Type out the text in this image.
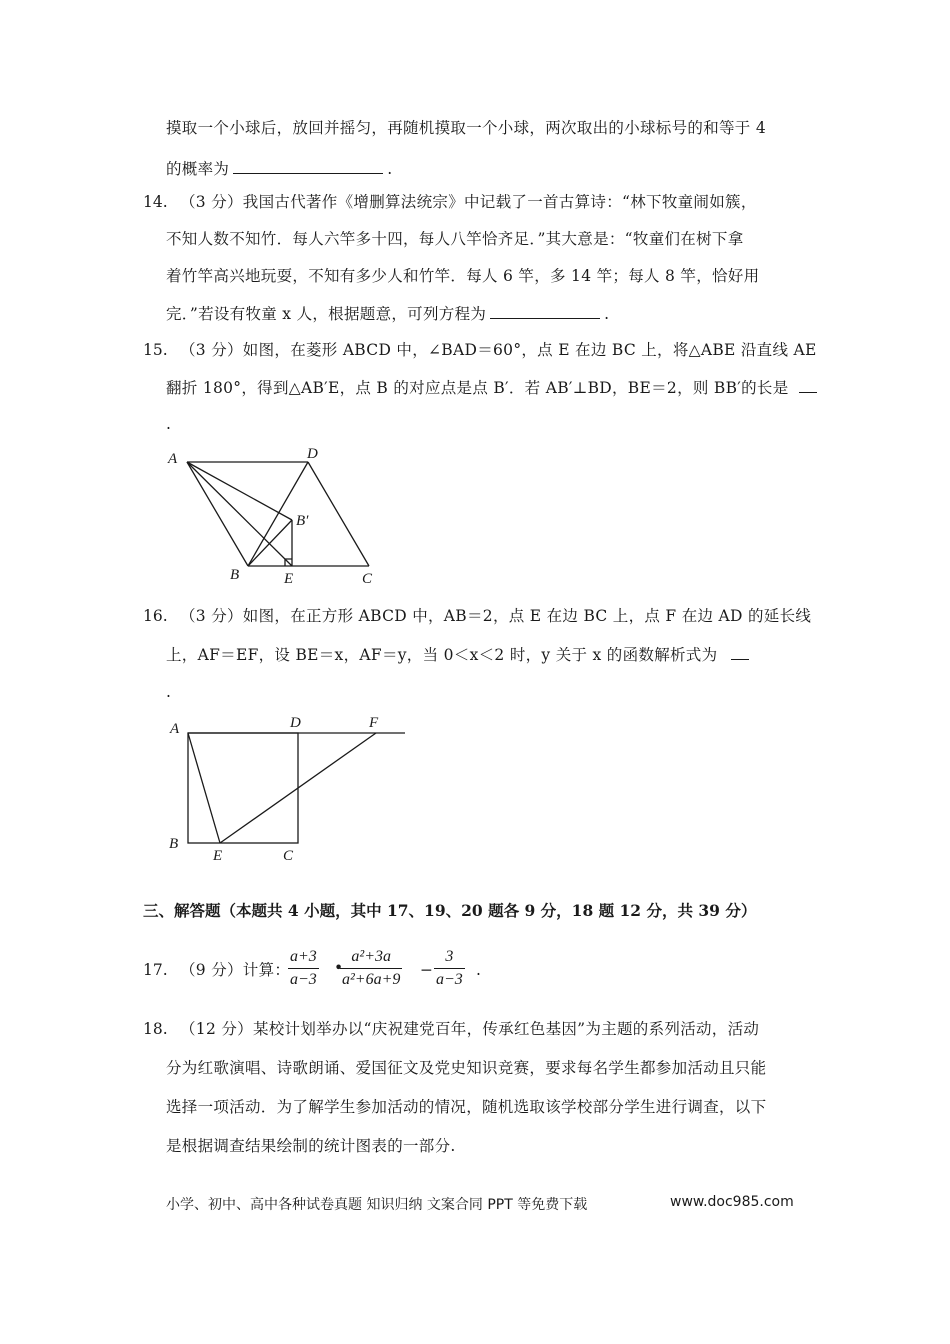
摸取一个小球后，放回并摇匀，再随机摸取一个小球，两次取出的小球标号的和等于 4
的概率为	.
14. （3 分）我国古代著作《增删算法统宗》中记载了一首古算诗：“林下牧童闹如簇，
不知人数不知竹．每人六竿多十四，每人八竿恰齐足．”其大意是：“牧童们在树下拿
着竹竿高兴地玩耍，不知有多少人和竹竿．每人 6 竿，多 14 竿；每人 8 竿，恰好用
完．”若设有牧童 x 人，根据题意，可列方程为	.
15. （3 分）如图，在菱形 ABCD 中，∠BAD＝60°，点 E 在边 BC 上，将△ABE 沿直线 AE
翻折 180°，得到△AB′E，点 B 的对应点是点 B′．若 AB′⊥BD，BE＝2，则 BB′的长是
.
A	D
B′
B	E	C
16. （3 分）如图，在正方形 ABCD 中，AB＝2，点 E 在边 BC 上，点 F 在边 AD 的延长线
上，AF＝EF，设 BE＝x，AF＝y，当 0＜x＜2 时，y 关于 x 的函数解析式为
.
A	D	F
B
E	C
三、解答题（本题共 4 小题，其中 17、19、20 题各 9 分，18 题 12 分，共 39 分）
17. （9 分）计算：
$\frac{a+3}{a-3}$ •
$\frac{\text{a²+3a}}{\text{a²+6a+9}} - \frac{3}{a-3}$ .
18. （12 分）某校计划举办以“庆祝建党百年，传承红色基因”为主题的系列活动，活动
分为红歌演唱、诗歌朗诵、爱国征文及党史知识竞赛，要求每名学生都参加活动且只能
选择一项活动．为了解学生参加活动的情况，随机选取该学校部分学生进行调查，以下
是根据调查结果绘制的统计图表的一部分.
小学、初中、高中各种试卷真题 知识归纳 文案合同 PPT 等免费下载	www.doc985.com
